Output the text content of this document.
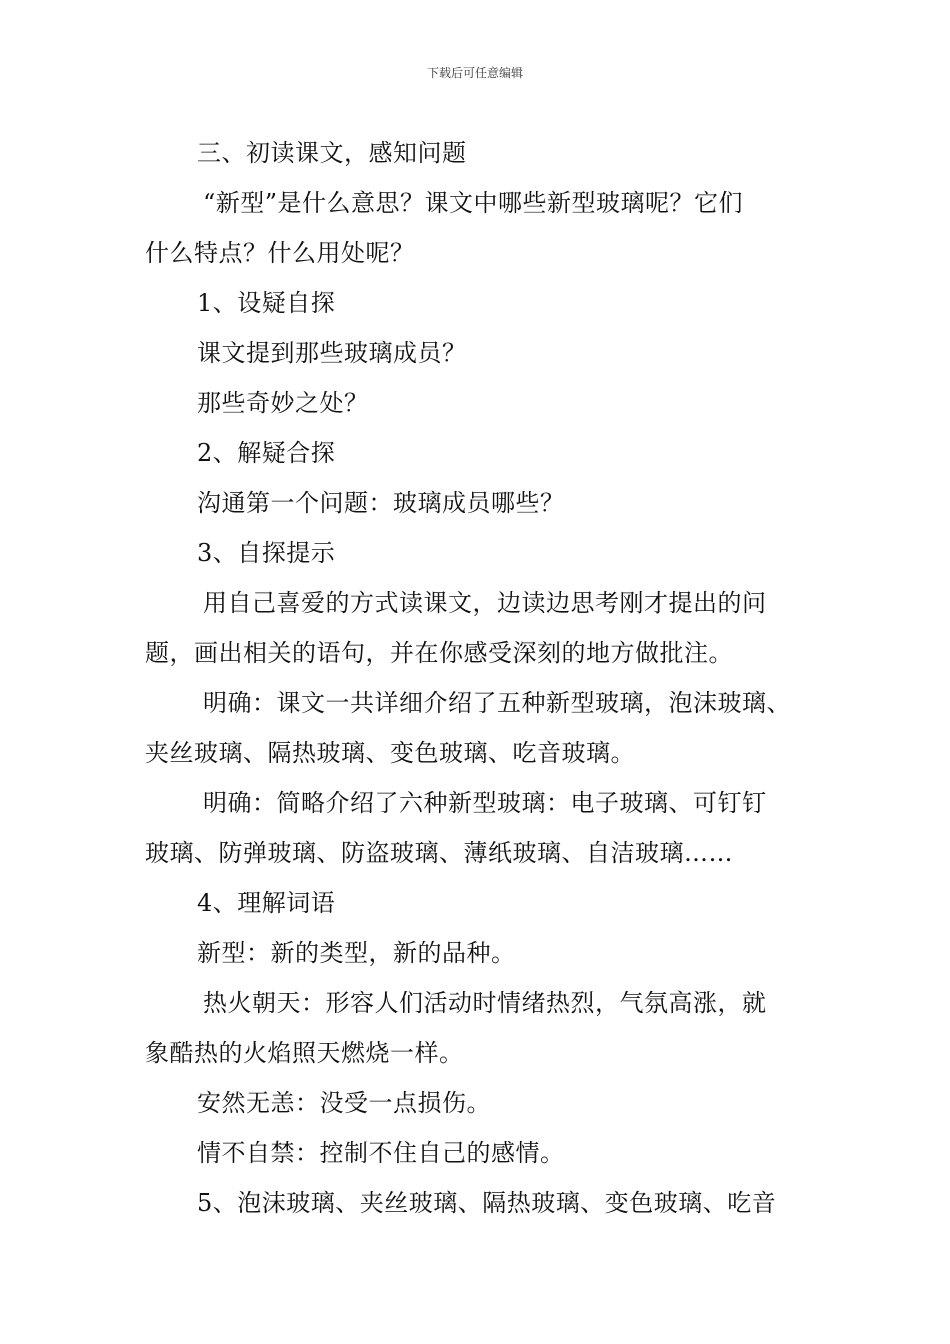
下载后可任意编辑

三、初读课文，感知问题

“新型”是什么意思？课文中哪些新型玻璃呢？它们

什么特点？什么用处呢？

1、设疑自探

课文提到那些玻璃成员？

那些奇妙之处？

2、解疑合探

沟通第一个问题：玻璃成员哪些？

3、自探提示

用自己喜爱的方式读课文，边读边思考刚才提出的问

题，画出相关的语句，并在你感受深刻的地方做批注。

明确：课文一共详细介绍了五种新型玻璃，泡沫玻璃、

夹丝玻璃、隔热玻璃、变色玻璃、吃音玻璃。

明确：简略介绍了六种新型玻璃：电子玻璃、可钉钉

玻璃、防弹玻璃、防盗玻璃、薄纸玻璃、自洁玻璃……

4、理解词语

新型：新的类型，新的品种。

热火朝天：形容人们活动时情绪热烈，气氛高涨，就

象酷热的火焰照天燃烧一样。

安然无恙：没受一点损伤。

情不自禁：控制不住自己的感情。

5、泡沫玻璃、夹丝玻璃、隔热玻璃、变色玻璃、吃音
